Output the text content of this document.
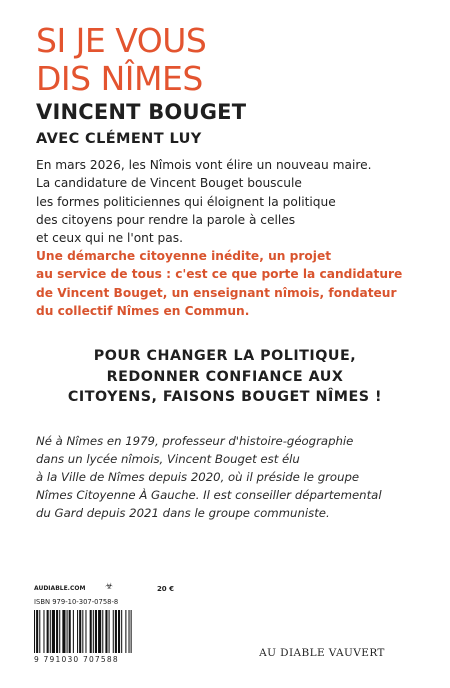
SI JE VOUS
DIS NÎMES
VINCENT BOUGET
AVEC CLÉMENT LUY
En mars 2026, les Nîmois vont élire un nouveau maire.
La candidature de Vincent Bouget bouscule
les formes politiciennes qui éloignent la politique
des citoyens pour rendre la parole à celles
et ceux qui ne l'ont pas.
Une démarche citoyenne inédite, un projet
au service de tous : c'est ce que porte la candidature
de Vincent Bouget, un enseignant nîmois, fondateur
du collectif Nîmes en Commun.
POUR CHANGER LA POLITIQUE,
REDONNER CONFIANCE AUX
CITOYENS, FAISONS BOUGET NÎMES !
Né à Nîmes en 1979, professeur d'histoire-géographie
dans un lycée nîmois, Vincent Bouget est élu
à la Ville de Nîmes depuis 2020, où il préside le groupe
Nîmes Citoyenne À Gauche. Il est conseiller départemental
du Gard depuis 2021 dans le groupe communiste.
AUDIABLE.COM ☣	20 €
ISBN 979-10-307-0758-8
9 791030 707588
AU DIABLE VAUVERT
